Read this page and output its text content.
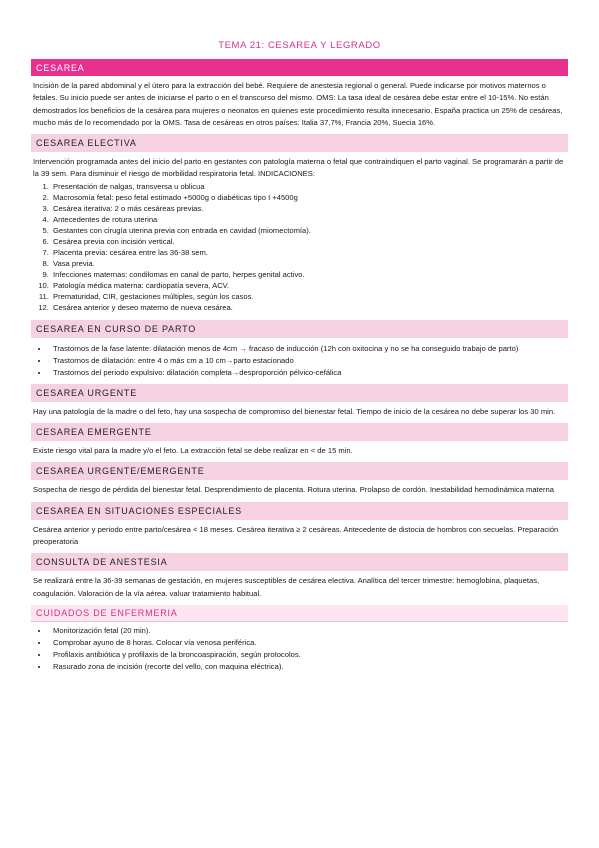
TEMA 21: CESAREA Y LEGRADO
CESAREA

Incisión de la pared abdominal y el útero para la extracción del bebé. Requiere de anestesia regional o general. Puede indicarse por motivos maternos o fetales. Su inicio puede ser antes de iniciarse el parto o en el transcurso del mismo. OMS: La tasa ideal de cesárea debe estar entre el 10-15%. No están demostrados los beneficios de la cesárea para mujeres o neonatos en quienes este procedimiento resulta innecesario. España practica un 25% de cesáreas, mucho más de lo recomendado por la OMS. Tasa de cesáreas en otros países: Italia 37,7%, Francia 20%, Suecia 16%.

CESAREA ELECTIVA

Intervención programada antes del inicio del parto en gestantes con patología materna o fetal que contraindiquen el parto vaginal. Se programarán a partir de la 39 sem. Para disminuir el riesgo de morbilidad respiratoria fetal. INDICACIONES:

1. Presentación de nalgas, transversa u oblicua
2. Macrosomía fetal: peso fetal estimado +5000g o diabéticas tipo I +4500g
3. Cesárea iterativa: 2 o más cesáreas previas.
4. Antecedentes de rotura uterina
5. Gestantes con cirugía uterina previa con entrada en cavidad (miomectomía).
6. Cesárea previa con incisión vertical.
7. Placenta previa: cesárea entre las 36-38 sem.
8. Vasa previa.
9. Infecciones maternas: condilomas en canal de parto, herpes genital activo.
10. Patología médica materna: cardiopatía severa, ACV.
11. Prematuridad, CIR, gestaciones múltiples, según los casos.
12. Cesárea anterior y deseo materno de nueva cesárea.
CESAREA EN CURSO DE PARTO
• Trastornos de la fase latente: dilatación menos de 4cm → fracaso de inducción (12h con oxitocina y no se ha conseguido trabajo de parto)
• Trastornos de dilatación: entre 4 o más cm a 10 cm→parto estacionado
• Trastornos del periodo expulsivo: dilatación completa→desproporción pélvico-cefálica
CESAREA URGENTE

Hay una patología de la madre o del feto, hay una sospecha de compromiso del bienestar fetal. Tiempo de inicio de la cesárea no debe superar los 30 min.

CESAREA EMERGENTE

Existe riesgo vital para la madre y/o el feto. La extracción fetal se debe realizar en < de 15 min.

CESAREA URGENTE/EMERGENTE

Sospecha de riesgo de pérdida del bienestar fetal. Desprendimiento de placenta. Rotura uterina. Prolapso de cordón. Inestabilidad hemodinámica materna

CESAREA EN SITUACIONES ESPECIALES

Cesárea anterior y periodo entre parto/cesárea < 18 meses. Cesárea iterativa ≥ 2 cesáreas. Antecedente de distocia de hombros con secuelas. Preparación preoperatoria

CONSULTA DE ANESTESIA

Se realizará entre la 36-39 semanas de gestación, en mujeres susceptibles de cesárea electiva. Analítica del tercer trimestre: hemoglobina, plaquetas, coagulación. Valoración de la vía aérea. valuar tratamiento habitual.

CUIDADOS DE ENFERMERIA
• Monitorización fetal (20 min).
• Comprobar ayuno de 8 horas. Colocar vía venosa periférica.
• Profilaxis antibiótica y profilaxis de la broncoaspiración, según protocolos.
• Rasurado zona de incisión (recorte del vello, con maquina eléctrica).
